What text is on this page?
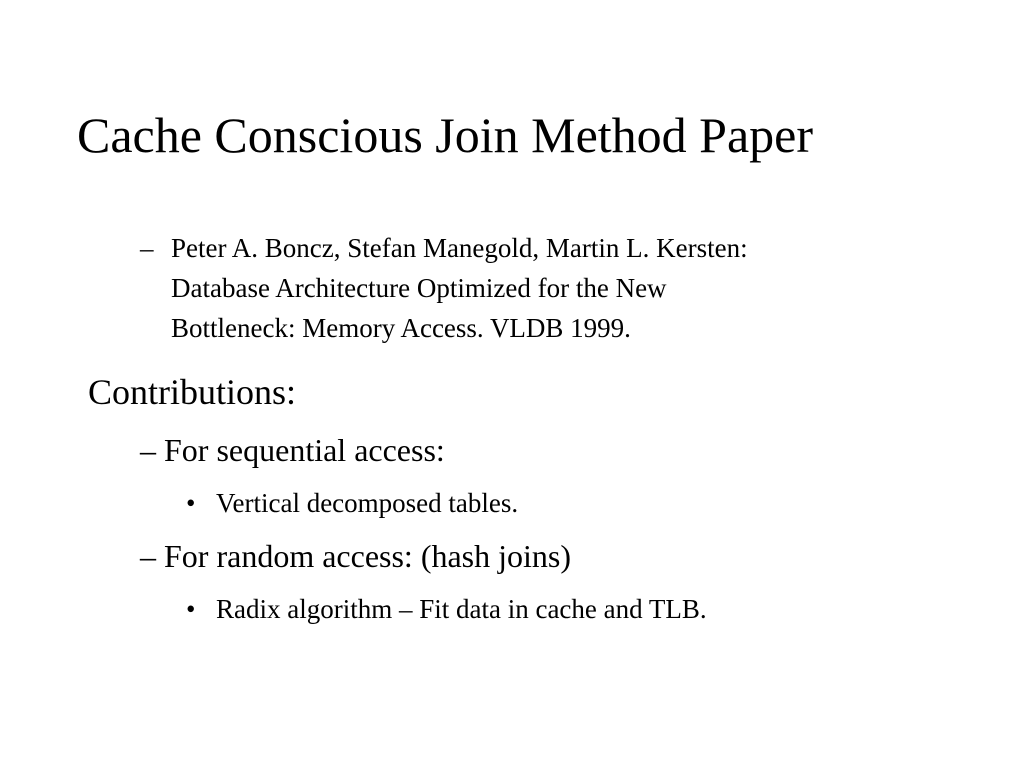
Cache Conscious Join Method Paper
– Peter A. Boncz, Stefan Manegold, Martin L. Kersten:
Database Architecture Optimized for the New
Bottleneck: Memory Access. VLDB 1999.
Contributions:
– For sequential access:
• Vertical decomposed tables.
– For random access: (hash joins)
• Radix algorithm – Fit data in cache and TLB.
